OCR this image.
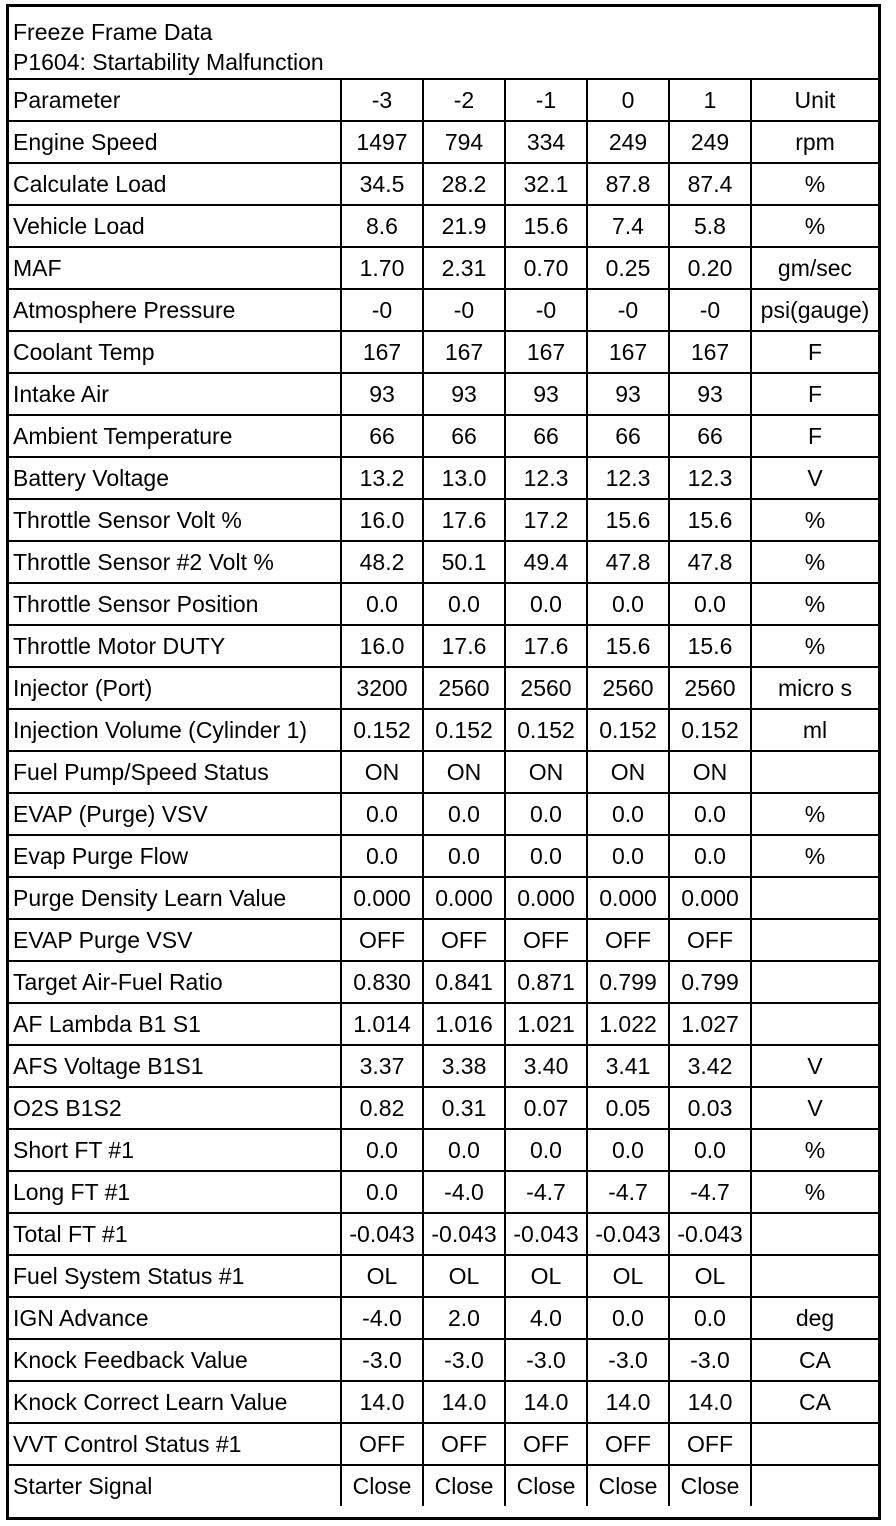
Freeze Frame Data
P1604: Startability Malfunction
Parameter	-3	-2	-1	0	1	Unit
Engine Speed	1497	794	334	249	249	rpm
Calculate Load	34.5	28.2	32.1	87.8	87.4	%
Vehicle Load	8.6	21.9	15.6	7.4	5.8	%
MAF	1.70	2.31	0.70	0.25	0.20	gm/sec
Atmosphere Pressure	-0	-0	-0	-0	-0	psi(gauge)
Coolant Temp	167	167	167	167	167	F
Intake Air	93	93	93	93	93	F
Ambient Temperature	66	66	66	66	66	F
Battery Voltage	13.2	13.0	12.3	12.3	12.3	V
Throttle Sensor Volt %	16.0	17.6	17.2	15.6	15.6	%
Throttle Sensor #2 Volt %	48.2	50.1	49.4	47.8	47.8	%
Throttle Sensor Position	0.0	0.0	0.0	0.0	0.0	%
Throttle Motor DUTY	16.0	17.6	17.6	15.6	15.6	%
Injector (Port)	3200	2560	2560	2560	2560	micro s
Injection Volume (Cylinder 1)	0.152	0.152	0.152	0.152	0.152	ml
Fuel Pump/Speed Status	ON	ON	ON	ON	ON	
EVAP (Purge) VSV	0.0	0.0	0.0	0.0	0.0	%
Evap Purge Flow	0.0	0.0	0.0	0.0	0.0	%
Purge Density Learn Value	0.000	0.000	0.000	0.000	0.000	
EVAP Purge VSV	OFF	OFF	OFF	OFF	OFF	
Target Air-Fuel Ratio	0.830	0.841	0.871	0.799	0.799	
AF Lambda B1 S1	1.014	1.016	1.021	1.022	1.027	
AFS Voltage B1S1	3.37	3.38	3.40	3.41	3.42	V
O2S B1S2	0.82	0.31	0.07	0.05	0.03	V
Short FT #1	0.0	0.0	0.0	0.0	0.0	%
Long FT #1	0.0	-4.0	-4.7	-4.7	-4.7	%
Total FT #1	-0.043	-0.043	-0.043	-0.043	-0.043	
Fuel System Status #1	OL	OL	OL	OL	OL	
IGN Advance	-4.0	2.0	4.0	0.0	0.0	deg
Knock Feedback Value	-3.0	-3.0	-3.0	-3.0	-3.0	CA
Knock Correct Learn Value	14.0	14.0	14.0	14.0	14.0	CA
VVT Control Status #1	OFF	OFF	OFF	OFF	OFF	
Starter Signal	Close	Close	Close	Close	Close	
